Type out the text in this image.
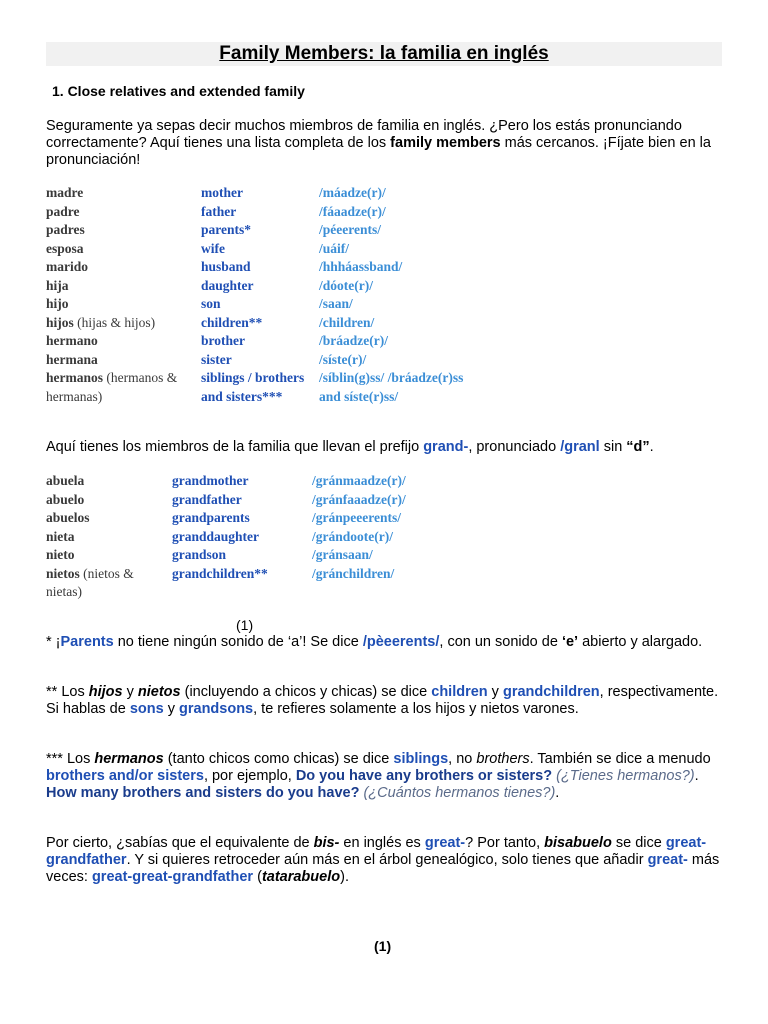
Family Members: la familia en inglés
1. Close relatives and extended family

Seguramente ya sepas decir muchos miembros de familia en inglés. ¿Pero los estás pronunciando correctamente? Aquí tienes una lista completa de los family members más cercanos. ¡Fíjate bien en la pronunciación!

madre	mother	/máadze(r)/
padre	father	/fáaadze(r)/
padres	parents*	/péeerents/
esposa	wife	/uáif/
marido	husband	/hhháassband/
hija	daughter	/dóote(r)/
hijo	son	/saan/
hijos (hijas & hijos)	children**	/children/
hermano	brother	/bráadze(r)/
hermana	sister	/síste(r)/
hermanos (hermanos & hermanas)	siblings / brothers and sisters***	/síblin(g)ss/ /bráadze(r)ss and síste(r)ss/

Aquí tienes los miembros de la familia que llevan el prefijo grand-, pronunciado /granl sin “d”.

abuela	grandmother	/gránmaadze(r)/
abuelo	grandfather	/gránfaaadze(r)/
abuelos	grandparents	/gránpeeerents/
nieta	granddaughter	/grándoote(r)/
nieto	grandson	/gránsaan/
nietos (nietos & nietas)	grandchildren**	/gránchildren/
(1)

* ¡Parents no tiene ningún sonido de ‘a’! Se dice /pèeerents/, con un sonido de ‘e’ abierto y alargado.

** Los hijos y nietos (incluyendo a chicos y chicas) se dice children y grandchildren, respectivamente. Si hablas de sons y grandsons, te refieres solamente a los hijos y nietos varones.

*** Los hermanos (tanto chicos como chicas) se dice siblings, no brothers. También se dice a menudo brothers and/or sisters, por ejemplo, Do you have any brothers or sisters? (¿Tienes hermanos?). How many brothers and sisters do you have? (¿Cuántos hermanos tienes?).

Por cierto, ¿sabías que el equivalente de bis- en inglés es great-? Por tanto, bisabuelo se dice great-grandfather. Y si quieres retroceder aún más en el árbol genealógico, solo tienes que añadir great- más veces: great-great-grandfather (tatarabuelo).

(1)
